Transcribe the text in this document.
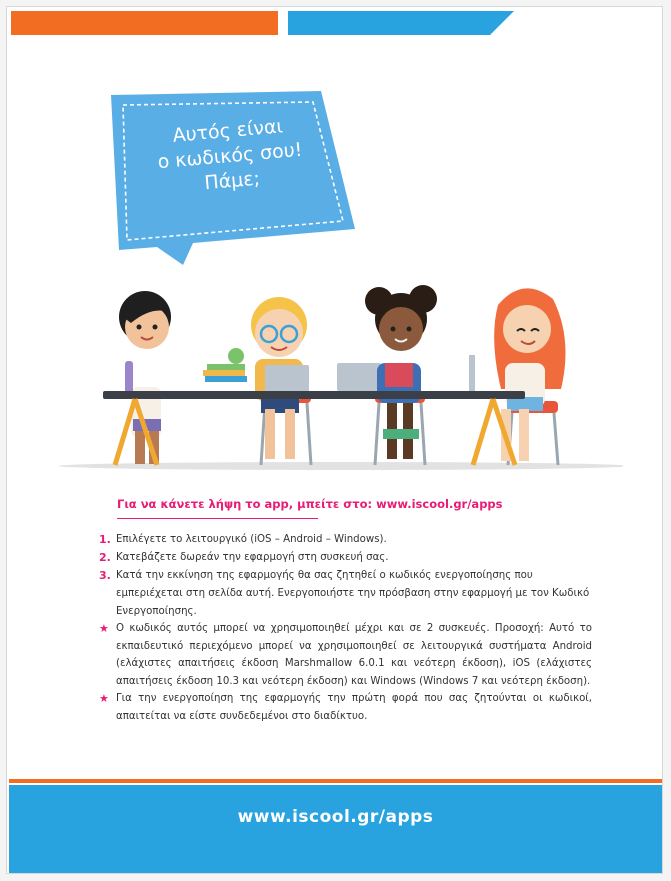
Αυτός είναι
ο κωδικός σου!
Πάμε;
Για να κάνετε λήψη το app, μπείτε στο: www.iscool.gr/apps
1. Επιλέγετε το λειτουργικό (iOS – Android – Windows).
2. Κατεβάζετε δωρεάν την εφαρμογή στη συσκευή σας.
3. Κατά την εκκίνηση της εφαρμογής θα σας ζητηθεί ο κωδικός ενεργοποίησης που εμπεριέχεται στη σελίδα αυτή. Ενεργοποιήστε την πρόσβαση στην εφαρμογή με τον Κωδικό Ενεργοποίησης.
★ Ο κωδικός αυτός μπορεί να χρησιμοποιηθεί μέχρι και σε 2 συσκευές. Προσοχή: Αυτό το εκπαιδευτικό περιεχόμενο μπορεί να χρησιμοποιηθεί σε λειτουργικά συστήματα Android (ελάχιστες απαιτήσεις έκδοση Marshmallow 6.0.1 και νεότερη έκδοση), iOS (ελάχιστες απαιτήσεις έκδοση 10.3 και νεότερη έκδοση) και Windows (Windows 7 και νεότερη έκδοση).
★ Για την ενεργοποίηση της εφαρμογής την πρώτη φορά που σας ζητούνται οι κωδικοί, απαιτείται να είστε συνδεδεμένοι στο διαδίκτυο.
www.iscool.gr/apps
